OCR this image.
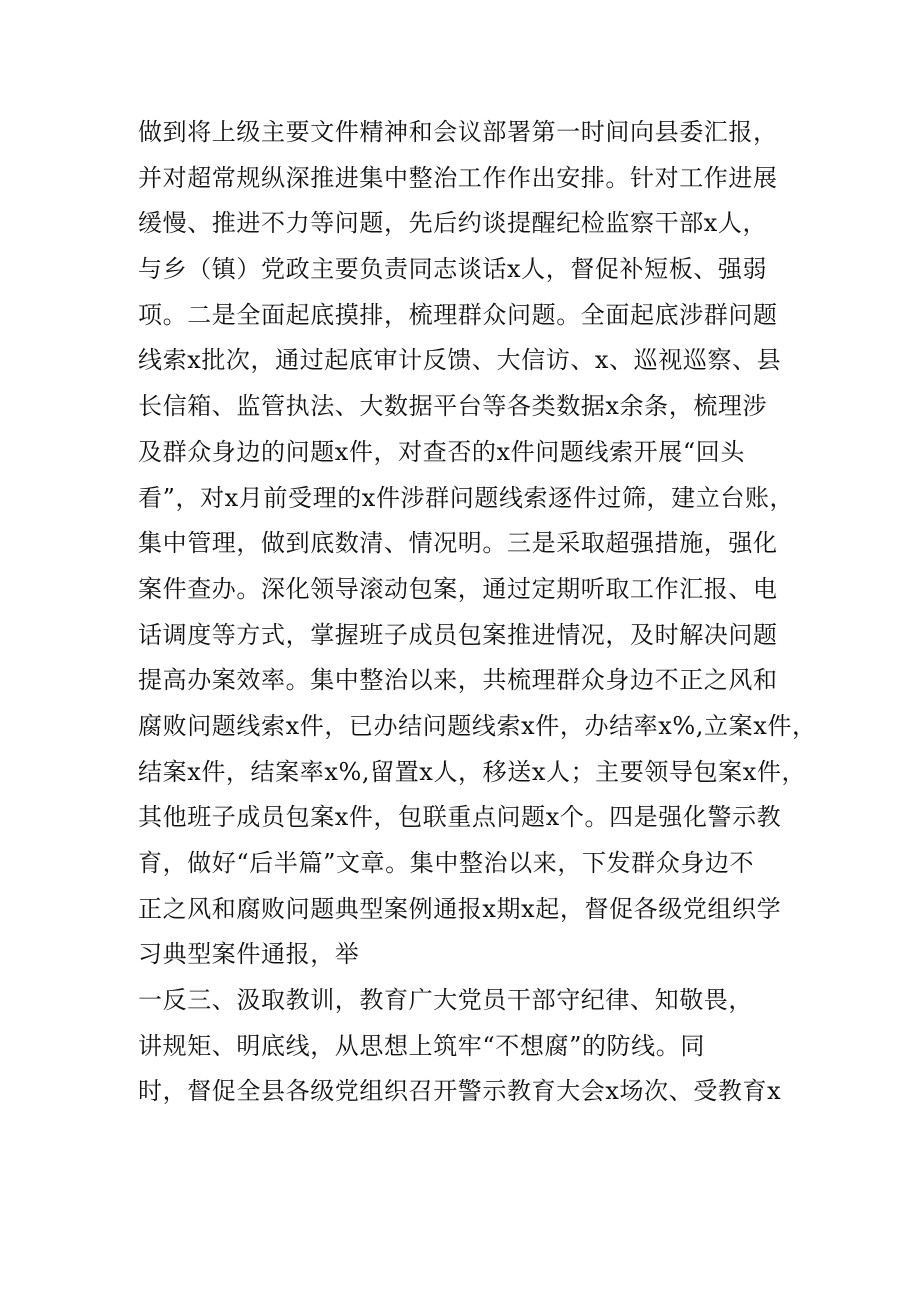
做到将上级主要文件精神和会议部署第一时间向县委汇报，
并对超常规纵深推进集中整治工作作出安排。针对工作进展
缓慢、推进不力等问题，先后约谈提醒纪检监察干部x人，
与乡（镇）党政主要负责同志谈话x人，督促补短板、强弱
项。二是全面起底摸排，梳理群众问题。全面起底涉群问题
线索x批次，通过起底审计反馈、大信访、x、巡视巡察、县
长信箱、监管执法、大数据平台等各类数据x余条，梳理涉
及群众身边的问题x件，对查否的x件问题线索开展“回头
看”，对x月前受理的x件涉群问题线索逐件过筛，建立台账，
集中管理，做到底数清、情况明。三是采取超强措施，强化
案件查办。深化领导滚动包案，通过定期听取工作汇报、电
话调度等方式，掌握班子成员包案推进情况，及时解决问题
提高办案效率。集中整治以来，共梳理群众身边不正之风和
腐败问题线索x件，已办结问题线索x件，办结率x%,立案x件，
结案x件，结案率x%,留置x人，移送x人；主要领导包案x件，
其他班子成员包案x件，包联重点问题x个。四是强化警示教
育，做好“后半篇”文章。集中整治以来，下发群众身边不
正之风和腐败问题典型案例通报x期x起，督促各级党组织学
习典型案件通报，举
一反三、汲取教训，教育广大党员干部守纪律、知敬畏，
讲规矩、明底线，从思想上筑牢“不想腐”的防线。同
时，督促全县各级党组织召开警示教育大会x场次、受教育x
